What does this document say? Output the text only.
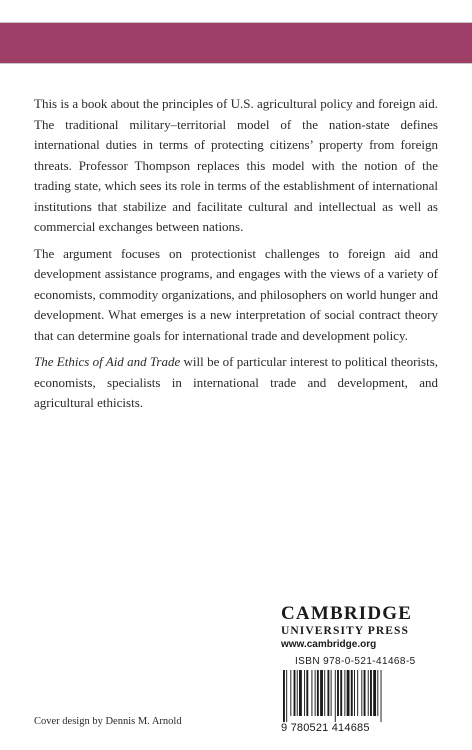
This is a book about the principles of U.S. agricultural policy and foreign aid. The traditional military–territorial model of the nation-state defines international duties in terms of protecting citizens’ property from foreign threats. Professor Thompson replaces this model with the notion of the trading state, which sees its role in terms of the establishment of international institutions that stabilize and facilitate cultural and intellectual as well as commercial exchanges between nations.

The argument focuses on protectionist challenges to foreign aid and development assistance programs, and engages with the views of a variety of economists, commodity organizations, and philosophers on world hunger and development. What emerges is a new interpretation of social contract theory that can determine goals for international trade and development policy.

The Ethics of Aid and Trade will be of particular interest to political theorists, economists, specialists in international trade and development, and agricultural ethicists.

CAMBRIDGE
UNIVERSITY PRESS
www.cambridge.org
ISBN 978-0-521-41468-5
9 780521 414685
Cover design by Dennis M. Arnold
